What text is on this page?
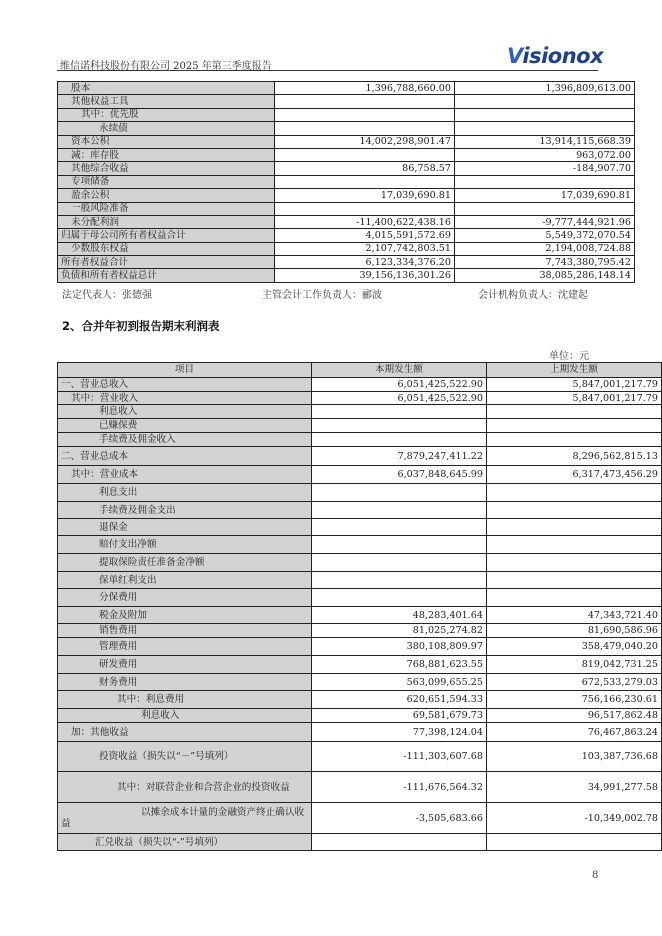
维信诺科技股份有限公司 2025 年第三季度报告	Visionox
股本	1,396,788,660.00	1,396,809,613.00
其他权益工具		
其中：优先股		
永续债		
资本公积	14,002,298,901.47	13,914,115,668.39
减：库存股		963,072.00
其他综合收益	86,758.57	-184,907.70
专项储备		
盈余公积	17,039,690.81	17,039,690.81
一般风险准备		
未分配利润	-11,400,622,438.16	-9,777,444,921.96
归属于母公司所有者权益合计	4,015,591,572.69	5,549,372,070.54
少数股东权益	2,107,742,803.51	2,194,008,724.88
所有者权益合计	6,123,334,376.20	7,743,380,795.42
负债和所有者权益总计	39,156,136,301.26	38,085,286,148.14
法定代表人：张德强	主管会计工作负责人：郦波	会计机构负责人：沈建起
2、合并年初到报告期末利润表
单位：元
项目	本期发生额	上期发生额
一、营业总收入	6,051,425,522.90	5,847,001,217.79
其中：营业收入	6,051,425,522.90	5,847,001,217.79
利息收入		
已赚保费		
手续费及佣金收入		
二、营业总成本	7,879,247,411.22	8,296,562,815.13
其中：营业成本	6,037,848,645.99	6,317,473,456.29
利息支出		
手续费及佣金支出		
退保金		
赔付支出净额		
提取保险责任准备金净额		
保单红利支出		
分保费用		
税金及附加	48,283,401.64	47,343,721.40
销售费用	81,025,274.82	81,690,586.96
管理费用	380,108,809.97	358,479,040.20
研发费用	768,881,623.55	819,042,731.25
财务费用	563,099,655.25	672,533,279.03
其中：利息费用	620,651,594.33	756,166,230.61
利息收入	69,581,679.73	96,517,862.48
加：其他收益	77,398,124.04	76,467,863.24
投资收益（损失以“－”号填列）	-111,303,607.68	103,387,736.68
其中：对联营企业和合营企业的投资收益	-111,676,564.32	34,991,277.58
以摊余成本计量的金融资产终止确认收益	-3,505,683.66	-10,349,002.78
汇兑收益（损失以“-”号填列）		
8
